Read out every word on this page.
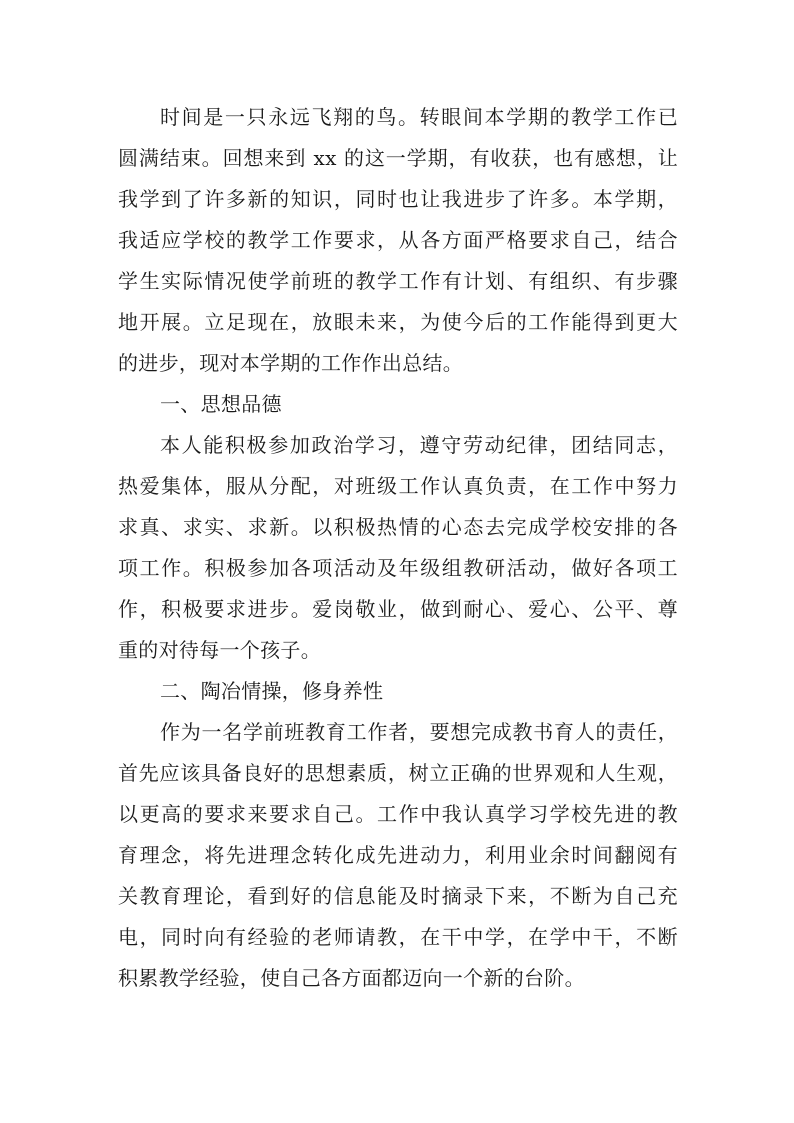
时间是一只永远飞翔的鸟。转眼间本学期的教学工作已
圆满结束。回想来到 xx 的这一学期，有收获，也有感想，让
我学到了许多新的知识，同时也让我进步了许多。本学期，
我适应学校的教学工作要求，从各方面严格要求自己，结合
学生实际情况使学前班的教学工作有计划、有组织、有步骤
地开展。立足现在，放眼未来，为使今后的工作能得到更大
的进步，现对本学期的工作作出总结。
一、思想品德
本人能积极参加政治学习，遵守劳动纪律，团结同志，
热爱集体，服从分配，对班级工作认真负责，在工作中努力
求真、求实、求新。以积极热情的心态去完成学校安排的各
项工作。积极参加各项活动及年级组教研活动，做好各项工
作，积极要求进步。爱岗敬业，做到耐心、爱心、公平、尊
重的对待每一个孩子。
二、陶冶情操，修身养性
作为一名学前班教育工作者，要想完成教书育人的责任，
首先应该具备良好的思想素质，树立正确的世界观和人生观，
以更高的要求来要求自己。工作中我认真学习学校先进的教
育理念，将先进理念转化成先进动力，利用业余时间翻阅有
关教育理论，看到好的信息能及时摘录下来，不断为自己充
电，同时向有经验的老师请教，在干中学，在学中干，不断
积累教学经验，使自己各方面都迈向一个新的台阶。
